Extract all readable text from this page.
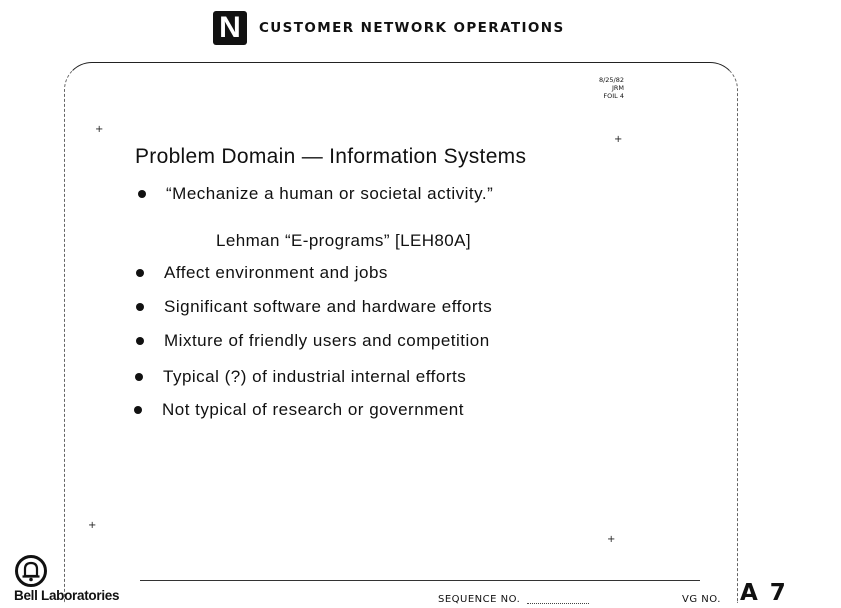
N CUSTOMER NETWORK OPERATIONS
8/25/82
JRM
FOIL 4
+
+
+
+
Problem Domain — Information Systems
“Mechanize a human or societal activity.”
Lehman “E-programs” [LEH80A]
Affect environment and jobs
Significant software and hardware efforts
Mixture of friendly users and competition
Typical (?) of industrial internal efforts
Not typical of research or government
Bell Laboratories	SEQUENCE NO.	VG NO. A 7
